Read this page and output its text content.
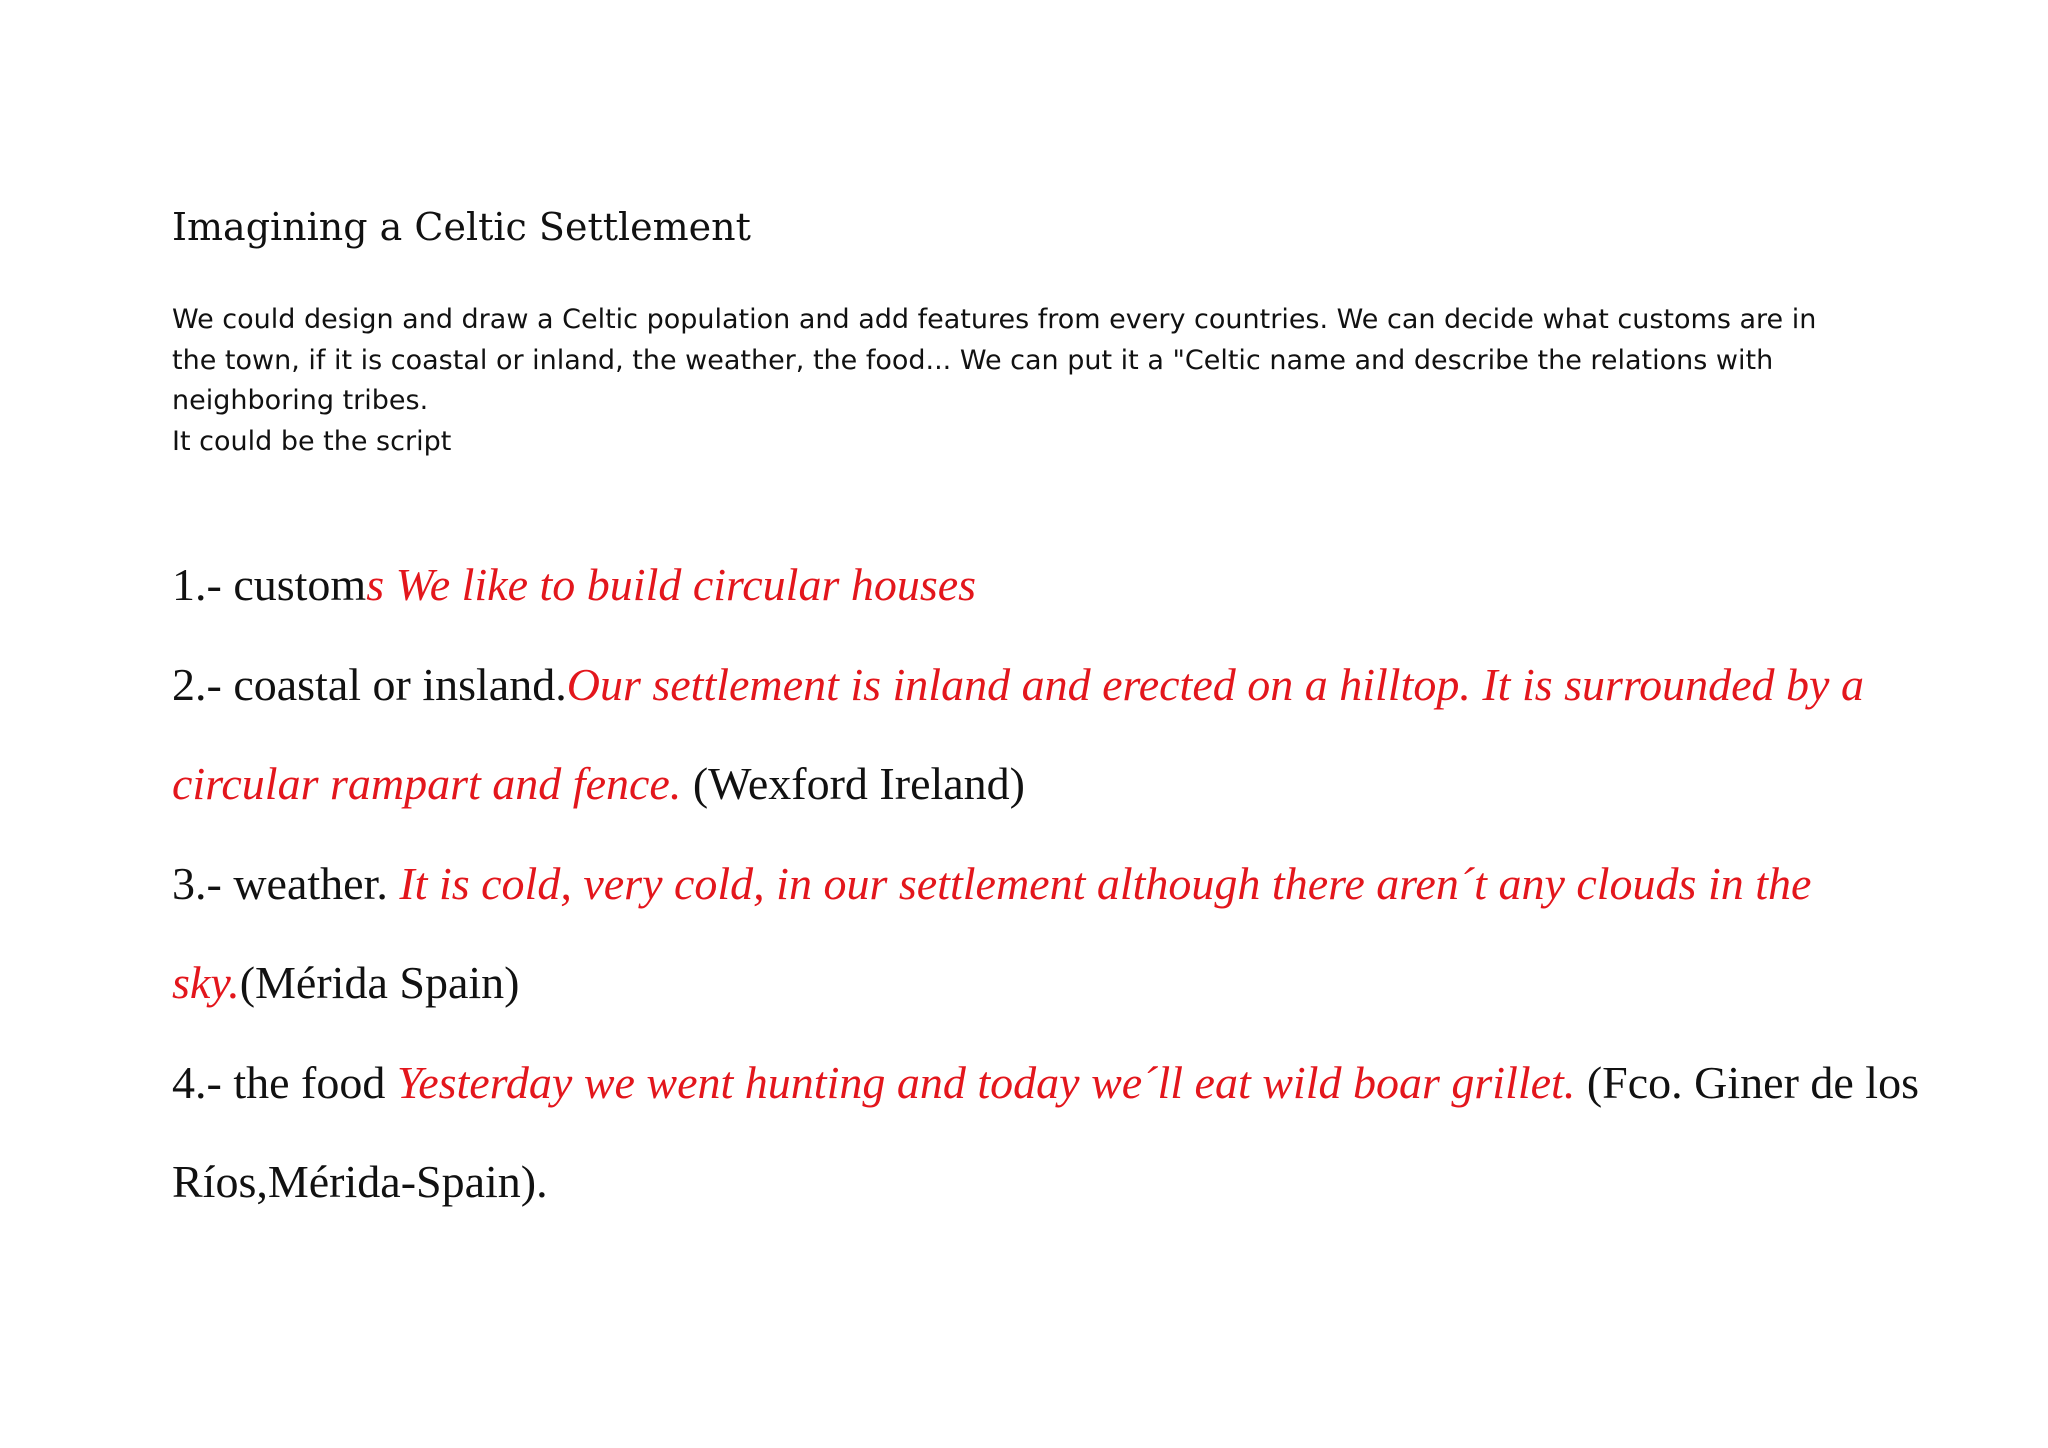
Imagining a Celtic Settlement
We could design and draw a Celtic population and add features from every countries. We can decide what customs are in
the town, if it is coastal or inland, the weather, the food... We can put it a "Celtic name and describe the relations with
neighboring tribes.
It could be the script
1.- customs We like to build circular houses
2.- coastal or insland.Our settlement is inland and erected on a hilltop. It is surrounded by a
circular rampart and fence. (Wexford Ireland)
3.- weather. It is cold, very cold, in our settlement although there aren´t any clouds in the
sky.(Mérida Spain)
4.- the food Yesterday we went hunting and today we´ll eat wild boar grillet. (Fco. Giner de los
Ríos,Mérida-Spain).
